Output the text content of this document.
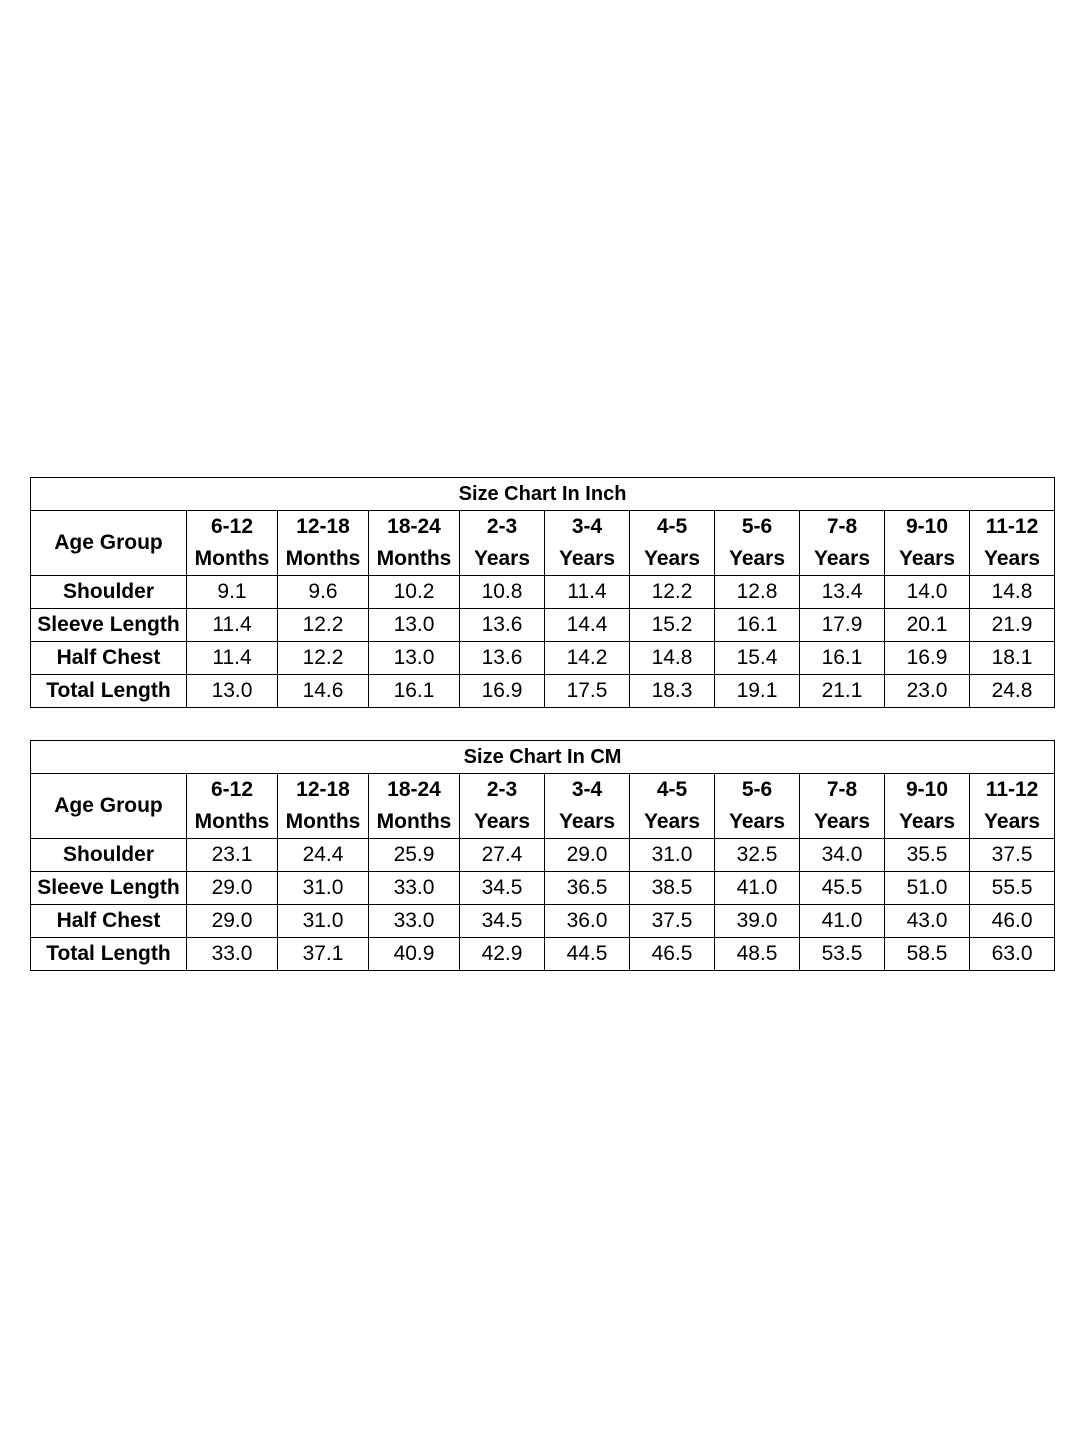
Size Chart In Inch										
Age Group	6-12	12-18	18-24	2-3	3-4	4-5	5-6	7-8	9-10	11-12
	Months	Months	Months	Years	Years	Years	Years	Years	Years	Years
Shoulder	9.1	9.6	10.2	10.8	11.4	12.2	12.8	13.4	14.0	14.8
Sleeve Length	11.4	12.2	13.0	13.6	14.4	15.2	16.1	17.9	20.1	21.9
Half Chest	11.4	12.2	13.0	13.6	14.2	14.8	15.4	16.1	16.9	18.1
Total Length	13.0	14.6	16.1	16.9	17.5	18.3	19.1	21.1	23.0	24.8
Size Chart In CM										
Age Group	6-12	12-18	18-24	2-3	3-4	4-5	5-6	7-8	9-10	11-12
	Months	Months	Months	Years	Years	Years	Years	Years	Years	Years
Shoulder	23.1	24.4	25.9	27.4	29.0	31.0	32.5	34.0	35.5	37.5
Sleeve Length	29.0	31.0	33.0	34.5	36.5	38.5	41.0	45.5	51.0	55.5
Half Chest	29.0	31.0	33.0	34.5	36.0	37.5	39.0	41.0	43.0	46.0
Total Length	33.0	37.1	40.9	42.9	44.5	46.5	48.5	53.5	58.5	63.0
